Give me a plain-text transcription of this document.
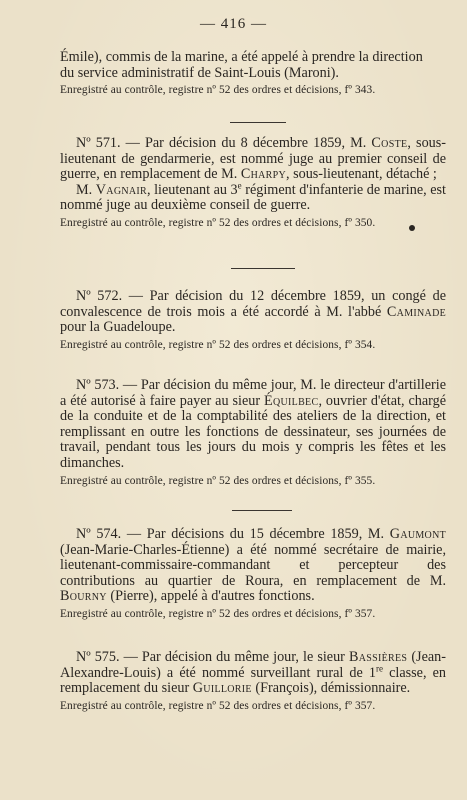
— 416 —

Émile), commis de la marine, a été appelé à prendre la direction

du service administratif de Saint-Louis (Maroni).

Enregistré au contrôle, registre nº 52 des ordres et décisions, fº 343.

Nº 571. — Par décision du 8 décembre 1859, M. Coste, sous-lieutenant de gendarmerie, est nommé juge au premier conseil de guerre, en remplacement de M. Charpy, sous-lieutenant, détaché ;

M. Vagnair, lieutenant au 3e régiment d'infanterie de marine, est nommé juge au deuxième conseil de guerre.

Enregistré au contrôle, registre nº 52 des ordres et décisions, fº 350.

Nº 572. — Par décision du 12 décembre 1859, un congé de convalescence de trois mois a été accordé à M. l'abbé Caminade pour la Guadeloupe.

Enregistré au contrôle, registre nº 52 des ordres et décisions, fº 354.

Nº 573. — Par décision du même jour, M. le directeur d'artillerie a été autorisé à faire payer au sieur Équilbec, ouvrier d'état, chargé de la conduite et de la comptabilité des ateliers de la direction, et remplissant en outre les fonctions de dessinateur, ses journées de travail, pendant tous les jours du mois y compris les fêtes et les dimanches.

Enregistré au contrôle, registre nº 52 des ordres et décisions, fº 355.

Nº 574. — Par décisions du 15 décembre 1859, M. Gaumont (Jean-Marie-Charles-Étienne) a été nommé secrétaire de mairie, lieutenant-commissaire-commandant et percepteur des contributions au quartier de Roura, en remplacement de M. Bourny (Pierre), appelé à d'autres fonctions.

Enregistré au contrôle, registre nº 52 des ordres et décisions, fº 357.

Nº 575. — Par décision du même jour, le sieur Bassières (Jean-Alexandre-Louis) a été nommé surveillant rural de 1re classe, en remplacement du sieur Guillorie (François), démissionnaire.

Enregistré au contrôle, registre nº 52 des ordres et décisions, fº 357.
